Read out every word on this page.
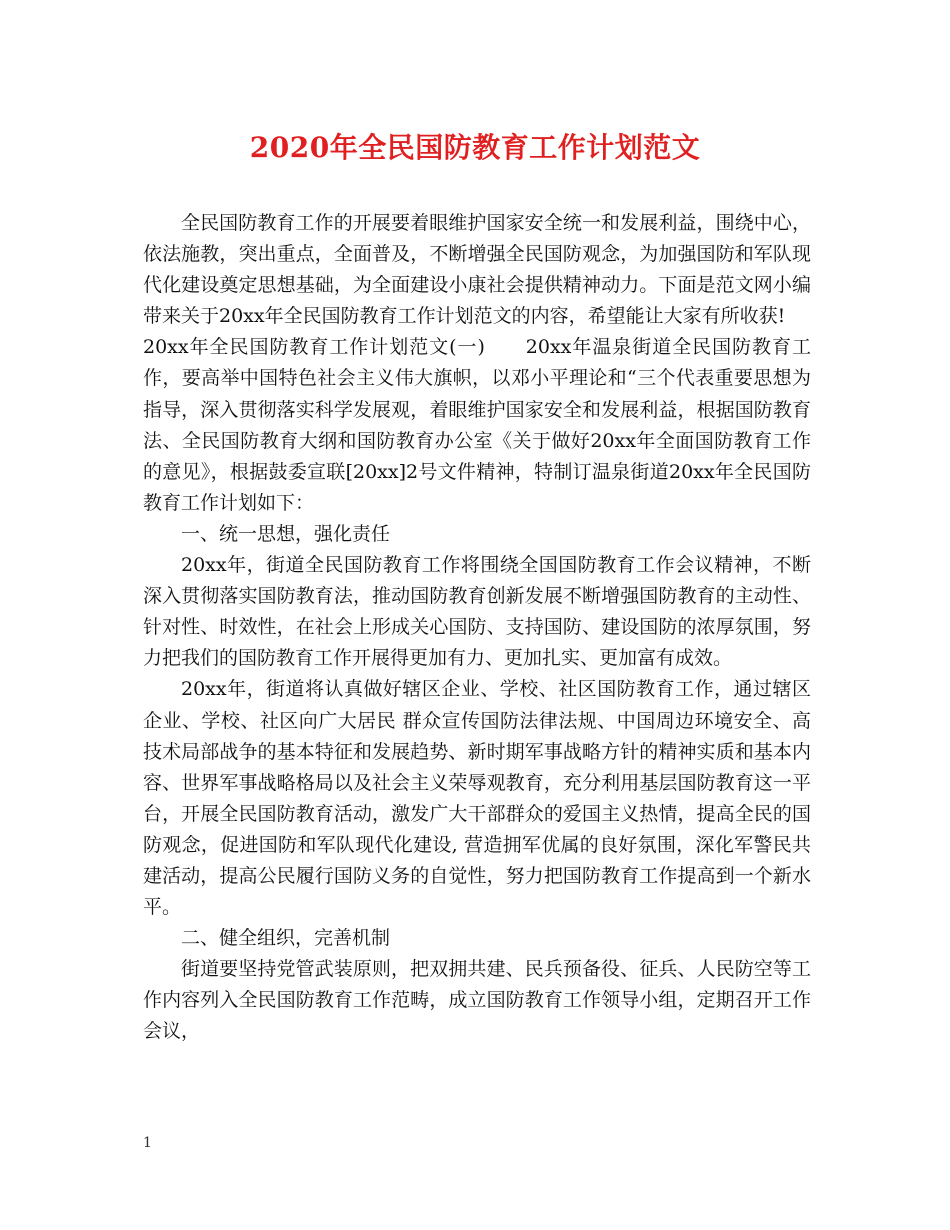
2020年全民国防教育工作计划范文

全民国防教育工作的开展要着眼维护国家安全统一和发展利益，围绕中心，依法施教，突出重点，全面普及，不断增强全民国防观念，为加强国防和军队现代化建设奠定思想基础，为全面建设小康社会提供精神动力。下面是范文网小编带来关于20xx年全民国防教育工作计划范文的内容，希望能让大家有所收获!

20xx年全民国防教育工作计划范文(一)　　20xx年温泉街道全民国防教育工作，要高举中国特色社会主义伟大旗帜，以邓小平理论和“三个代表重要思想为指导，深入贯彻落实科学发展观，着眼维护国家安全和发展利益，根据国防教育法、全民国防教育大纲和国防教育办公室《关于做好20xx年全面国防教育工作的意见》，根据鼓委宣联[20xx]2号文件精神，特制订温泉街道20xx年全民国防教育工作计划如下：

一、统一思想，强化责任

20xx年，街道全民国防教育工作将围绕全国国防教育工作会议精神，不断深入贯彻落实国防教育法，推动国防教育创新发展不断增强国防教育的主动性、针对性、时效性，在社会上形成关心国防、支持国防、建设国防的浓厚氛围，努力把我们的国防教育工作开展得更加有力、更加扎实、更加富有成效。

20xx年，街道将认真做好辖区企业、学校、社区国防教育工作，通过辖区企业、学校、社区向广大居民 群众宣传国防法律法规、中国周边环境安全、高技术局部战争的基本特征和发展趋势、新时期军事战略方针的精神实质和基本内容、世界军事战略格局以及社会主义荣辱观教育，充分利用基层国防教育这一平台，开展全民国防教育活动，激发广大干部群众的爱国主义热情，提高全民的国防观念，促进国防和军队现代化建设, 营造拥军优属的良好氛围，深化军警民共建活动，提高公民履行国防义务的自觉性，努力把国防教育工作提高到一个新水平。

二、健全组织，完善机制

街道要坚持党管武装原则，把双拥共建、民兵预备役、征兵、人民防空等工作内容列入全民国防教育工作范畴，成立国防教育工作领导小组，定期召开工作会议，

1
